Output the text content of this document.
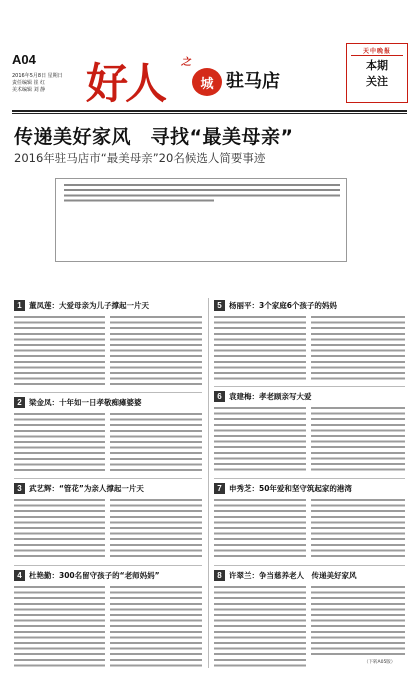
A04
2016年5月8日 星期日
责任编辑 崔 红
美术编辑 刘 静 好人 之
城 驻马店
天中晚报
本期
关注
传递美好家风　寻找“最美母亲”
2016年驻马店市“最美母亲”20名候选人简要事迹
1 董凤莲：大爱母亲为儿子撑起一片天
2 梁金凤：十年如一日孝敬痴瘫婆婆
3 武艺辉：“管花”为亲人撑起一片天
4 杜艳勤：300名留守孩子的“老师妈妈”
5 杨丽平：3个家庭6个孩子的妈妈
6 袁建梅：孝老顾亲写大爱
7 申秀芝：50年爱和坚守筑起家的港湾
8 许翠兰：争当慈养老人　传递美好家风
（下转A05版）
